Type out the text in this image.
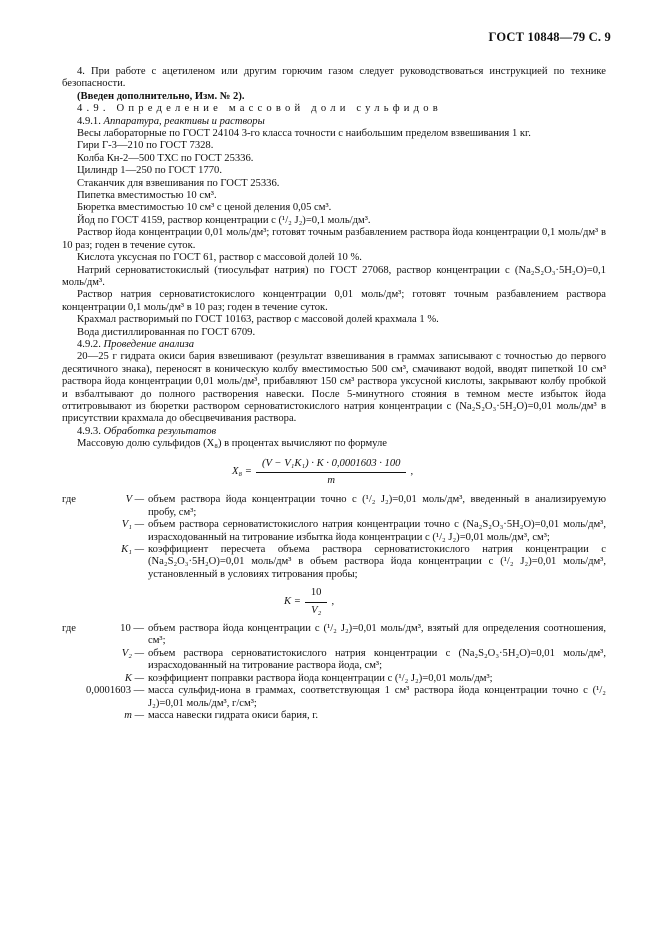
ГОСТ 10848—79 С. 9

4. При работе с ацетиленом или другим горючим газом следует руководствоваться инструкцией по технике безопасности.

(Введен дополнительно, Изм. № 2).

4.9. Определение массовой доли сульфидов

4.9.1. Аппаратура, реактивы и растворы

Весы лабораторные по ГОСТ 24104 3-го класса точности с наибольшим пределом взвешивания 1 кг.

Гири Г-3—210 по ГОСТ 7328.

Колба Кн-2—500 ТХС по ГОСТ 25336.

Цилиндр 1—250 по ГОСТ 1770.

Стаканчик для взвешивания по ГОСТ 25336.

Пипетка вместимостью 10 см³.

Бюретка вместимостью 10 см³ с ценой деления 0,05 см³.

Йод по ГОСТ 4159, раствор концентрации c (¹/₂ J₂)=0,1 моль/дм³.

Раствор йода концентрации 0,01 моль/дм³; готовят точным разбавлением раствора йода концентрации 0,1 моль/дм³ в 10 раз; годен в течение суток.

Кислота уксусная по ГОСТ 61, раствор с массовой долей 10 %.

Натрий серноватистокислый (тиосульфат натрия) по ГОСТ 27068, раствор концентрации c (Na₂S₂O₃·5H₂O)=0,1 моль/дм³.

Раствор натрия серноватистокислого концентрации 0,01 моль/дм³; готовят точным разбавлением раствора концентрации 0,1 моль/дм³ в 10 раз; годен в течение суток.

Крахмал растворимый по ГОСТ 10163, раствор с массовой долей крахмала 1 %.

Вода дистиллированная по ГОСТ 6709.

4.9.2. Проведение анализа

20—25 г гидрата окиси бария взвешивают (результат взвешивания в граммах записывают с точностью до первого десятичного знака), переносят в коническую колбу вместимостью 500 см³, смачивают водой, вводят пипеткой 10 см³ раствора йода концентрации 0,01 моль/дм³, прибавляют 150 см³ раствора уксусной кислоты, закрывают колбу пробкой и взбалтывают до полного растворения навески. После 5-минутного стояния в темном месте избыток йода оттитровывают из бюретки раствором серноватистокислого натрия концентрации c (Na₂S₂O₃·5H₂O)=0,01 моль/дм³ в присутствии крахмала до обесцвечивания раствора.

4.9.3. Обработка результатов

Массовую долю сульфидов (X₈) в процентах вычисляют по формуле

$X_8 = \frac{\text{(V − V₁K₁) · K · 0,0001603 · 100}}{m}$ ,
где	V — объем раствора йода концентрации точно c (¹/₂ J₂)=0,01 моль/дм³, введенный в анализируемую пробу, см³;
V₁ — объем раствора серноватистокислого натрия концентрации точно c (Na₂S₂O₃·5H₂O)=0,01 моль/дм³, израсходованный на титрование избытка йода концентрации c (¹/₂ J₂)=0,01 моль/дм³, см³;
K₁ — коэффициент пересчета объема раствора серноватистокислого натрия концентрации c (Na₂S₂O₃·5H₂O)=0,01 моль/дм³ в объем раствора йода концентрации c (¹/₂ J₂)=0,01 моль/дм³, установленный в условиях титрования пробы;
$K = \frac{10}{\text{V₂}}$ ,
где	10 — объем раствора йода концентрации c (¹/₂ J₂)=0,01 моль/дм³, взятый для определения соотношения, см³;
V₂ — объем раствора серноватистокислого натрия концентрации c (Na₂S₂O₃·5H₂O)=0,01 моль/дм³, израсходованный на титрование раствора йода, см³;
K — коэффициент поправки раствора йода концентрации c (¹/₂ J₂)=0,01 моль/дм³;
0,0001603 — масса сульфид-иона в граммах, соответствующая 1 см³ раствора йода концентрации точно c (¹/₂ J₂)=0,01 моль/дм³, г/см³;
m — масса навески гидрата окиси бария, г.
